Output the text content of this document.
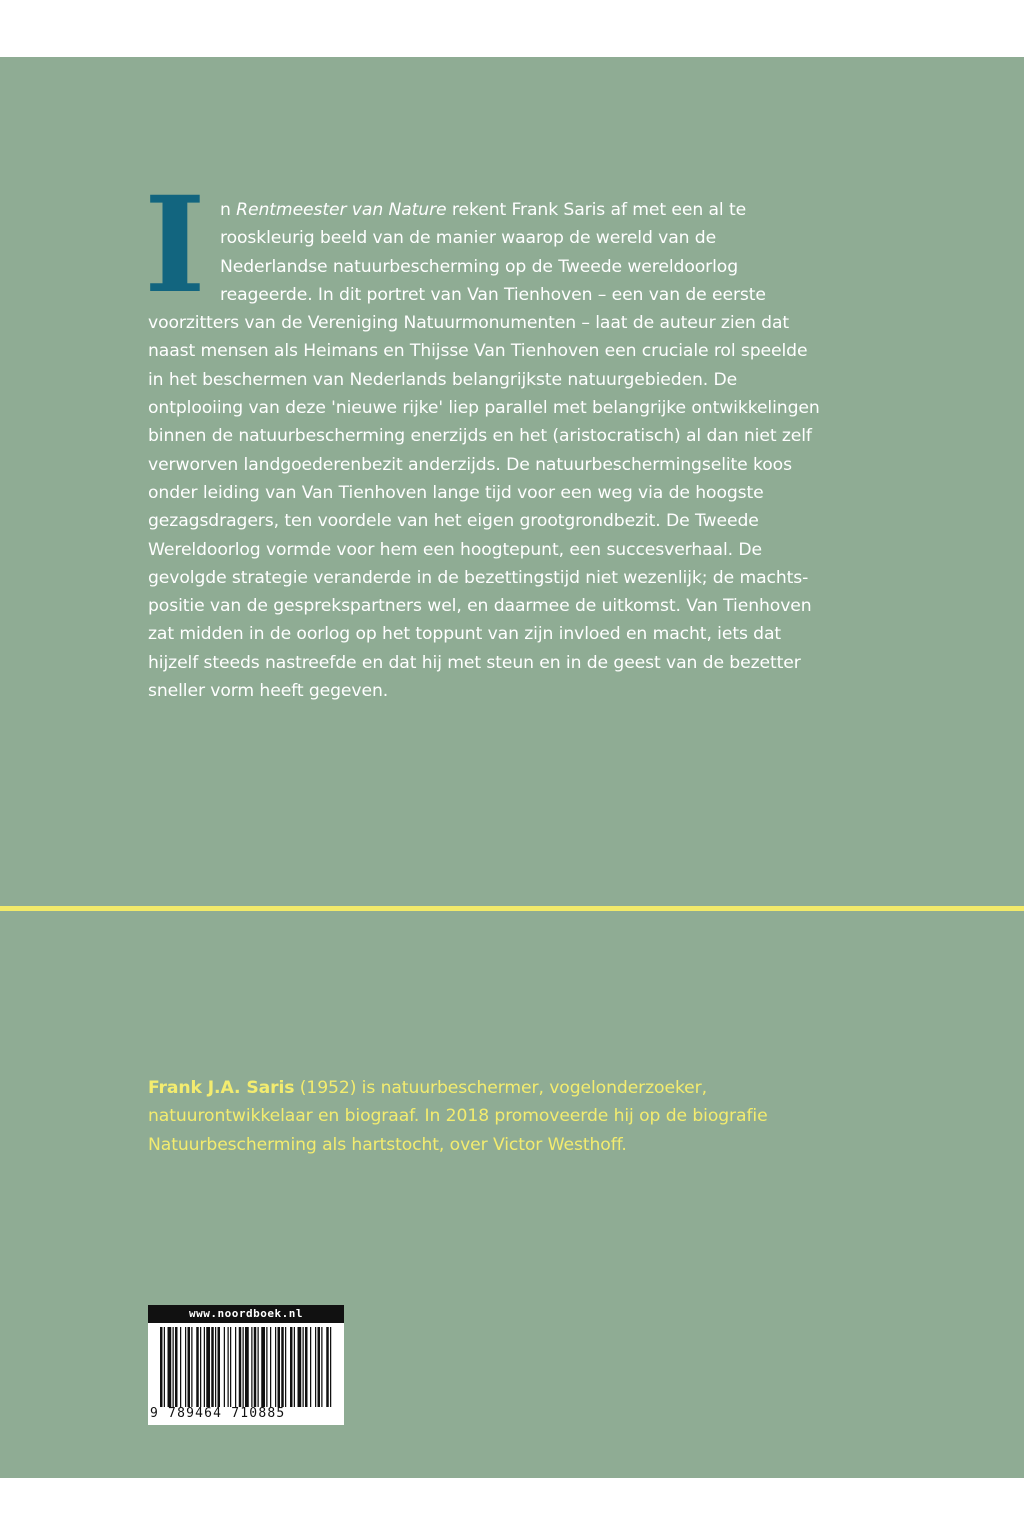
In Rentmeester van Nature rekent Frank Saris af met een al te rooskleurig beeld van de manier waarop de wereld van de Nederlandse natuurbescherming op de Tweede wereldoorlog reageerde. In dit portret van Van Tienhoven – een van de eerste voorzitters van de Vereniging Natuurmonumenten – laat de auteur zien dat naast mensen als Heimans en Thijsse Van Tienhoven een cruciale rol speelde in het beschermen van Nederlands belangrijkste natuurgebieden. De ontplooiing van deze 'nieuwe rijke' liep parallel met belangrijke ontwikkelingen binnen de natuurbescherming enerzijds en het (aristocratisch) al dan niet zelf verworven landgoederenbezit anderzijds. De natuurbeschermingselite koos onder leiding van Van Tienhoven lange tijd voor een weg via de hoogste gezagsdragers, ten voordele van het eigen grootgrondbezit. De Tweede Wereldoorlog vormde voor hem een hoogtepunt, een succesverhaal. De gevolgde strategie veranderde in de bezettingstijd niet wezenlijk; de machtspositie van de gesprekspartners wel, en daarmee de uitkomst. Van Tienhoven zat midden in de oorlog op het toppunt van zijn invloed en macht, iets dat hijzelf steeds nastreefde en dat hij met steun en in de geest van de bezetter sneller vorm heeft gegeven.
Frank J.A. Saris (1952) is natuurbeschermer, vogelonderzoeker, natuurontwikkelaar en biograaf. In 2018 promoveerde hij op de biografie Natuurbescherming als hartstocht, over Victor Westhoff.
www.noordboek.nl
9 789464 710885
